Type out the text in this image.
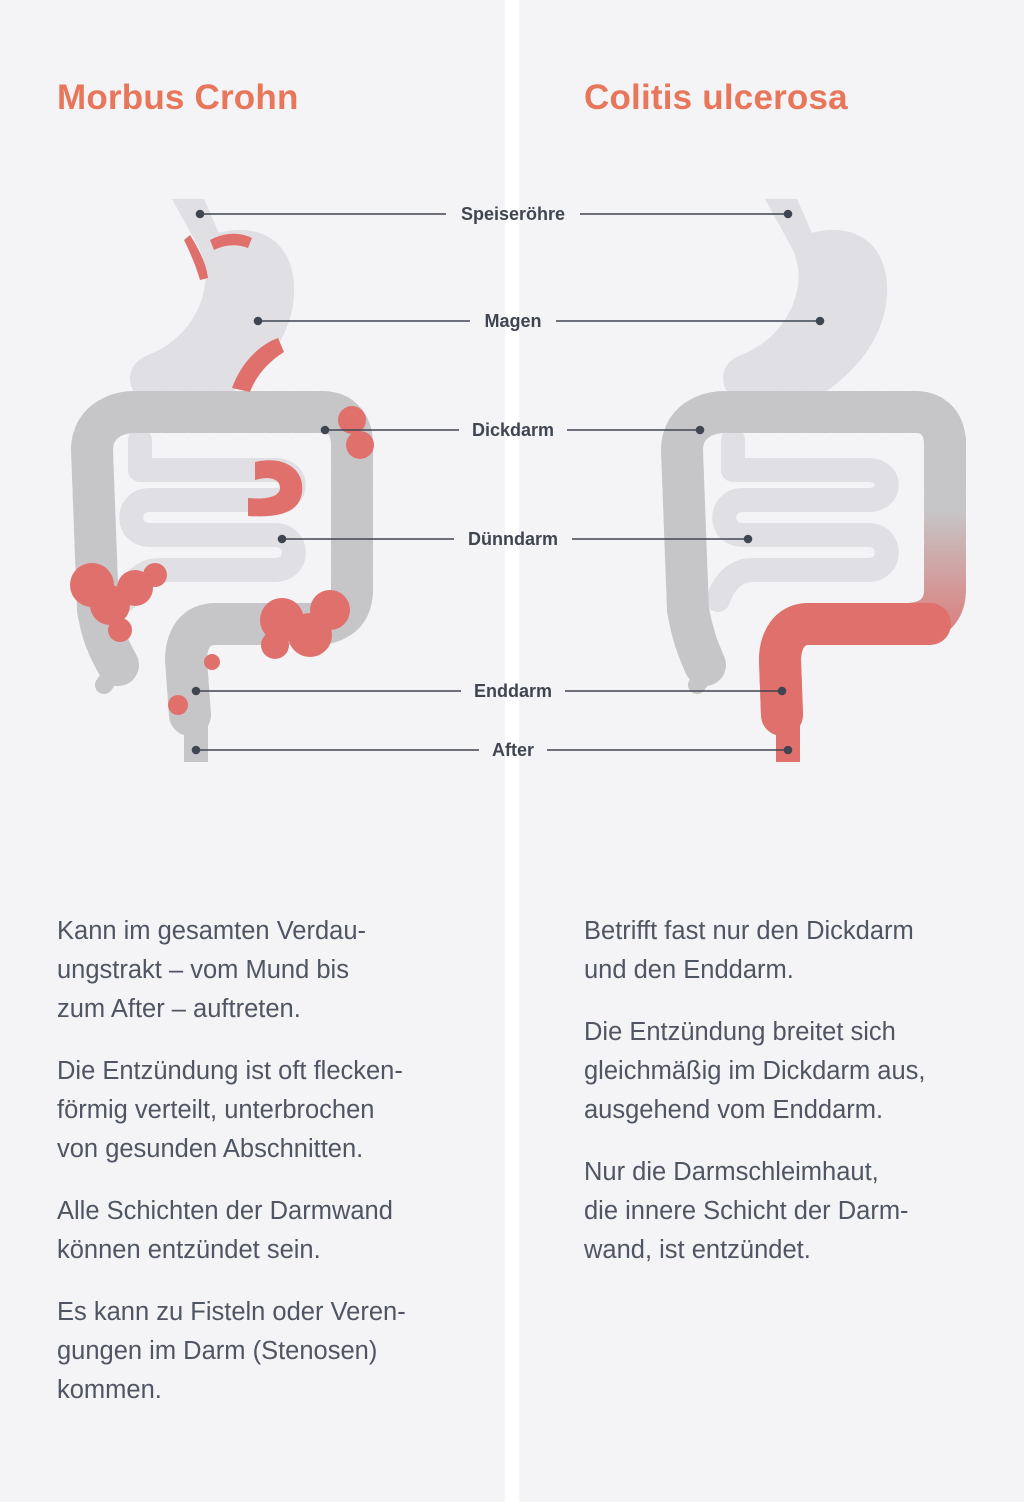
Morbus Crohn	Colitis ulcerosa
Speiseröhre
Magen
Dickdarm
Dünndarm
Enddarm
After

Kann im gesamten Verdau-
ungstrakt – vom Mund bis
zum After – auftreten.

Die Entzündung ist oft flecken-
förmig verteilt, unterbrochen
von gesunden Abschnitten.

Alle Schichten der Darmwand
können entzündet sein.

Es kann zu Fisteln oder Veren-
gungen im Darm (Stenosen)
kommen.

Betrifft fast nur den Dickdarm
und den Enddarm.

Die Entzündung breitet sich
gleichmäßig im Dickdarm aus,
ausgehend vom Enddarm.

Nur die Darmschleimhaut,
die innere Schicht der Darm-
wand, ist entzündet.
